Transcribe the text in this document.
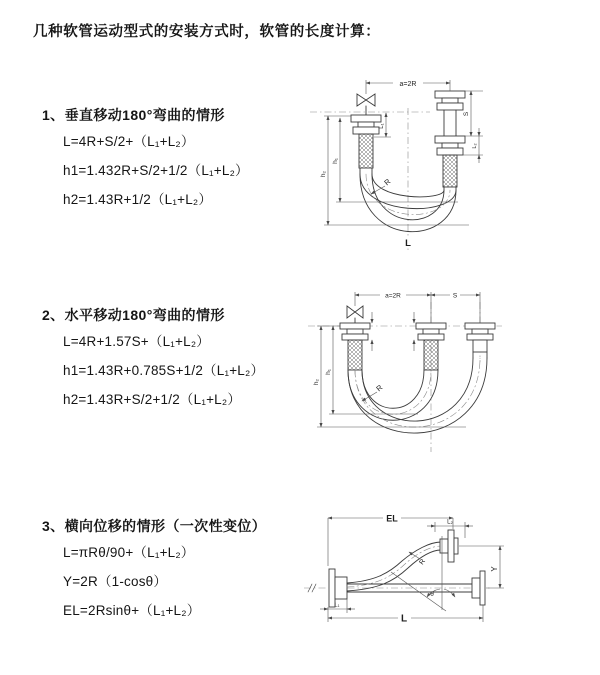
几种软管运动型式的安装方式时，软管的长度计算：
1、垂直移动180°弯曲的情形
L=4R+S/2+（L₁+L₂）
h1=1.432R+S/2+1/2（L₁+L₂）
h2=1.43R+1/2（L₁+L₂）
a=2R
L₁
h₁
h₂
S
L₂
R
L
2、水平移动180°弯曲的情形
L=4R+1.57S+（L₁+L₂）
h1=1.43R+0.785S+1/2（L₁+L₂）
h2=1.43R+S/2+1/2（L₁+L₂）
a=2R	S
h₁
h₂
R
3、横向位移的情形（一次性变位）
L=πRθ/90+（L₁+L₂）
Y=2R（1-cosθ）
EL=2Rsinθ+（L₁+L₂）
θ
EL	L₂
Y
R
L₁
L
